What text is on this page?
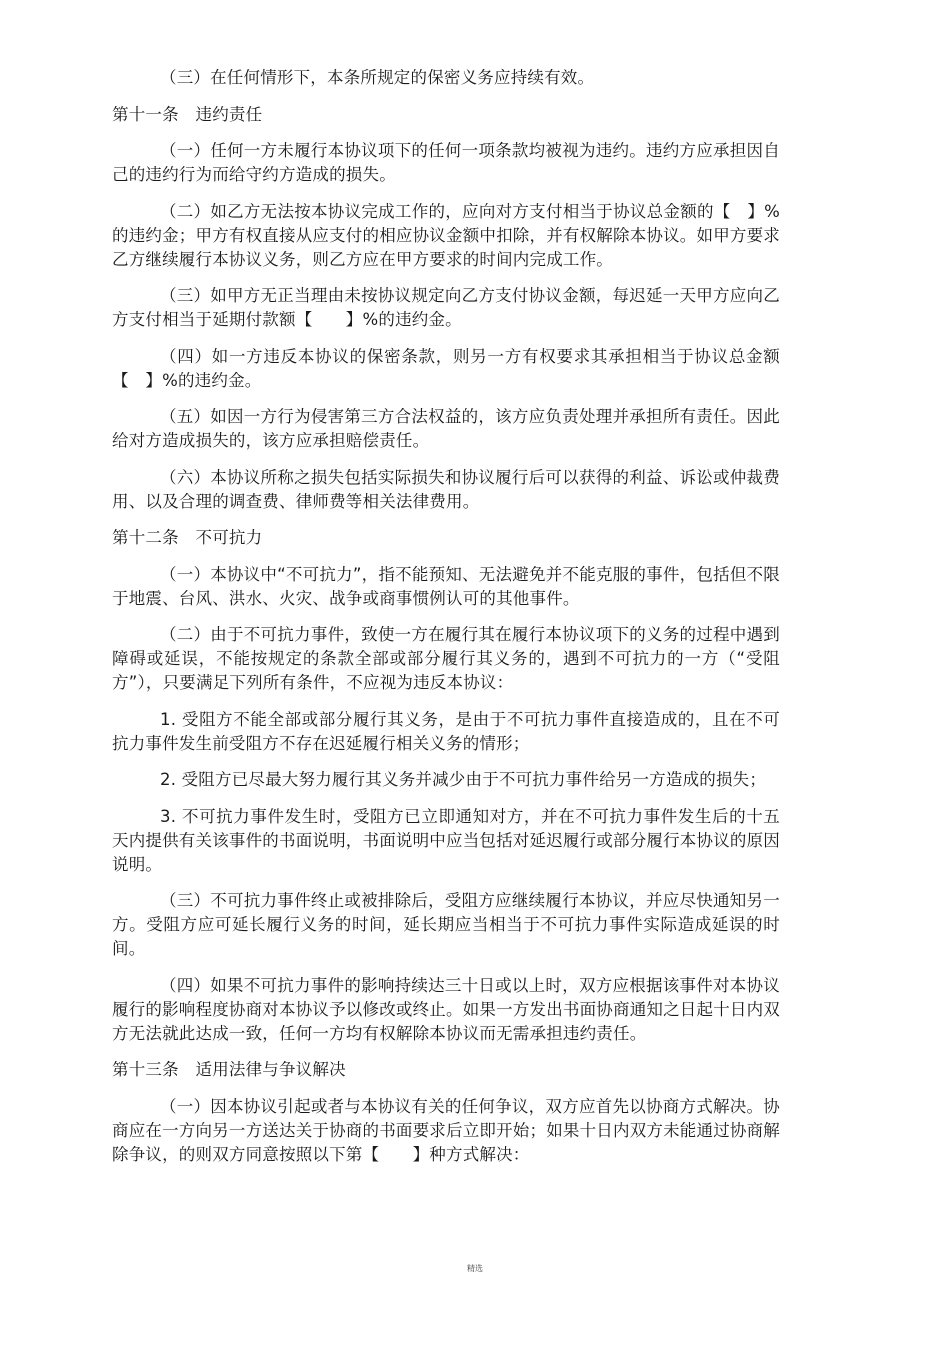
（三）在任何情形下，本条所规定的保密义务应持续有效。

第十一条　违约责任

（一）任何一方未履行本协议项下的任何一项条款均被视为违约。违约方应承担因自己的违约行为而给守约方造成的损失。

（二）如乙方无法按本协议完成工作的，应向对方支付相当于协议总金额的【　】%的违约金；甲方有权直接从应支付的相应协议金额中扣除，并有权解除本协议。如甲方要求乙方继续履行本协议义务，则乙方应在甲方要求的时间内完成工作。

（三）如甲方无正当理由未按协议规定向乙方支付协议金额，每迟延一天甲方应向乙方支付相当于延期付款额【　　】%的违约金。

（四）如一方违反本协议的保密条款，则另一方有权要求其承担相当于协议总金额【　】%的违约金。

（五）如因一方行为侵害第三方合法权益的，该方应负责处理并承担所有责任。因此给对方造成损失的，该方应承担赔偿责任。

（六）本协议所称之损失包括实际损失和协议履行后可以获得的利益、诉讼或仲裁费用、以及合理的调查费、律师费等相关法律费用。

第十二条　不可抗力

（一）本协议中“不可抗力”，指不能预知、无法避免并不能克服的事件，包括但不限于地震、台风、洪水、火灾、战争或商事惯例认可的其他事件。

（二）由于不可抗力事件，致使一方在履行其在履行本协议项下的义务的过程中遇到障碍或延误，不能按规定的条款全部或部分履行其义务的，遇到不可抗力的一方（“受阻方”），只要满足下列所有条件，不应视为违反本协议：

1. 受阻方不能全部或部分履行其义务，是由于不可抗力事件直接造成的，且在不可抗力事件发生前受阻方不存在迟延履行相关义务的情形；

2. 受阻方已尽最大努力履行其义务并减少由于不可抗力事件给另一方造成的损失；

3. 不可抗力事件发生时，受阻方已立即通知对方，并在不可抗力事件发生后的十五天内提供有关该事件的书面说明，书面说明中应当包括对延迟履行或部分履行本协议的原因说明。

（三）不可抗力事件终止或被排除后，受阻方应继续履行本协议，并应尽快通知另一方。受阻方应可延长履行义务的时间，延长期应当相当于不可抗力事件实际造成延误的时间。

（四）如果不可抗力事件的影响持续达三十日或以上时，双方应根据该事件对本协议履行的影响程度协商对本协议予以修改或终止。如果一方发出书面协商通知之日起十日内双方无法就此达成一致，任何一方均有权解除本协议而无需承担违约责任。

第十三条　适用法律与争议解决

（一）因本协议引起或者与本协议有关的任何争议，双方应首先以协商方式解决。协商应在一方向另一方送达关于协商的书面要求后立即开始；如果十日内双方未能通过协商解除争议，的则双方同意按照以下第【　　】种方式解决：

精选
